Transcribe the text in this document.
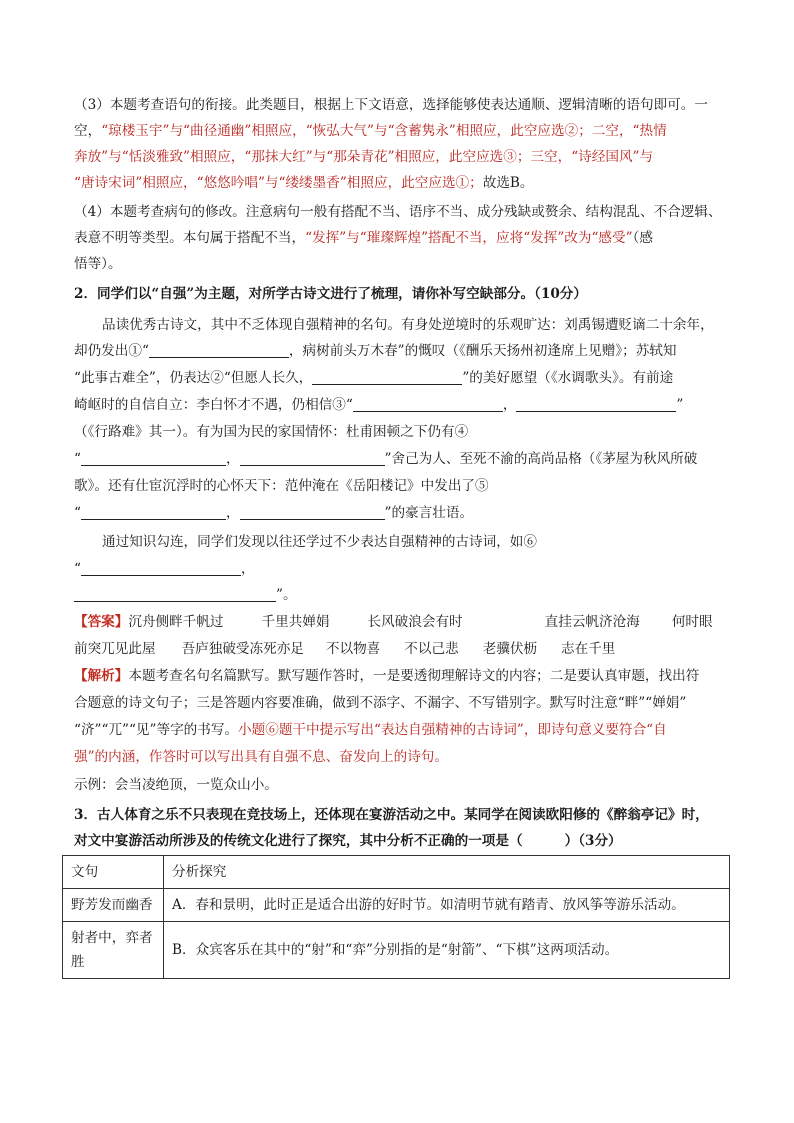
（3）本题考查语句的衔接。此类题目，根据上下文语意，选择能够使表达通顺、逻辑清晰的语句即可。一
空，“琼楼玉宇”与“曲径通幽”相照应，“恢弘大气”与“含蓄隽永”相照应，此空应选②；二空，“热情
奔放”与“恬淡雅致”相照应，“那抹大红”与“那朵青花”相照应，此空应选③；三空，“诗经国风”与
“唐诗宋词”相照应，“悠悠吟唱”与“缕缕墨香”相照应，此空应选①；故选B。
（4）本题考查病句的修改。注意病句一般有搭配不当、语序不当、成分残缺或赘余、结构混乱、不合逻辑、
表意不明等类型。本句属于搭配不当，“发挥”与“璀璨辉煌”搭配不当，应将“发挥”改为“感受”（感
悟等）。
2．同学们以“自强”为主题，对所学古诗文进行了梳理，请你补写空缺部分。（10分）
品读优秀古诗文，其中不乏体现自强精神的名句。有身处逆境时的乐观旷达：刘禹锡遭贬谪二十余年，
却仍发出①“	，病树前头万木春”的慨叹（《酬乐天扬州初逢席上见赠》；苏轼知
“此事古难全”，仍表达②“但愿人长久，	”的美好愿望（《水调歌头》。有前途
崎岖时的自信自立：李白怀才不遇，仍相信③“	，	”
（《行路难》其一）。有为国为民的家国情怀：杜甫困顿之下仍有④
“	，	”舍己为人、至死不渝的高尚品格（《茅屋为秋风所破
歌》。还有仕宦沉浮时的心怀天下：范仲淹在《岳阳楼记》中发出了⑤
“	，	”的豪言壮语。
通过知识勾连，同学们发现以往还学过不少表达自强精神的古诗词，如⑥
“	，
”。
【答案】沉舟侧畔千帆过	千里共婵娟	长风破浪会有时	直挂云帆济沧海 何时眼
前突兀见此屋 吾庐独破受冻死亦足 不以物喜 不以己悲 老骥伏枥 志在千里
【解析】本题考查名句名篇默写。默写题作答时，一是要透彻理解诗文的内容；二是要认真审题，找出符
合题意的诗文句子；三是答题内容要准确，做到不添字、不漏字、不写错别字。默写时注意“畔”“婵娟”
“济”“兀”“见”等字的书写。小题⑥题干中提示写出“表达自强精神的古诗词”，即诗句意义要符合“自
强”的内涵，作答时可以写出具有自强不息、奋发向上的诗句。
示例：会当凌绝顶，一览众山小。
3．古人体育之乐不只表现在竞技场上，还体现在宴游活动之中。某同学在阅读欧阳修的《醉翁亭记》时，
对文中宴游活动所涉及的传统文化进行了探究，其中分析不正确的一项是（	）（3分）
文句	分析探究
野芳发而幽香	A．春和景明，此时正是适合出游的好时节。如清明节就有踏青、放风筝等游乐活动。
射者中，弈者
胜	B．众宾客乐在其中的“射”和“弈”分别指的是“射箭”、“下棋”这两项活动。
